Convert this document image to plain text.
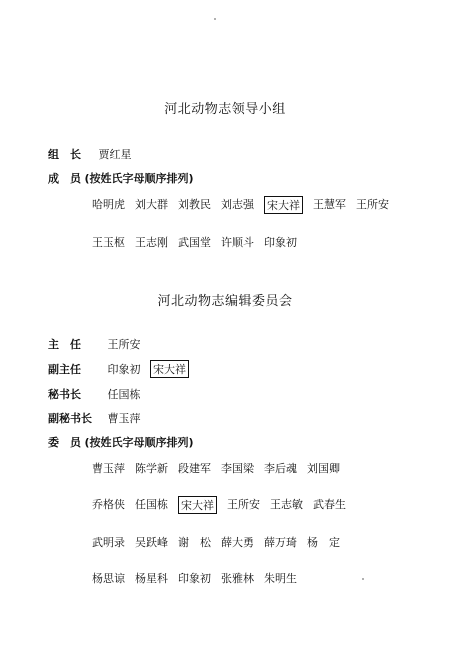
河北动物志领导小组
组　长 贾红星
成　员 (按姓氏字母顺序排列)
哈明虎 刘大群 刘教民 刘志强 宋大祥 王慧军 王所安
王玉枢 王志刚 武国堂 许顺斗 印象初
河北动物志编辑委员会
主　任 王所安
副主任 印象初 宋大祥
秘书长 任国栋
副秘书长 曹玉萍
委　员 (按姓氏字母顺序排列)
曹玉萍 陈学新 段建军 李国梁 李后魂 刘国卿
乔格侠 任国栋 宋大祥 王所安 王志敏 武春生
武明录 吴跃峰 谢　松 薛大勇 薛万琦 杨　定
杨思谅 杨星科 印象初 张雅林 朱明生
